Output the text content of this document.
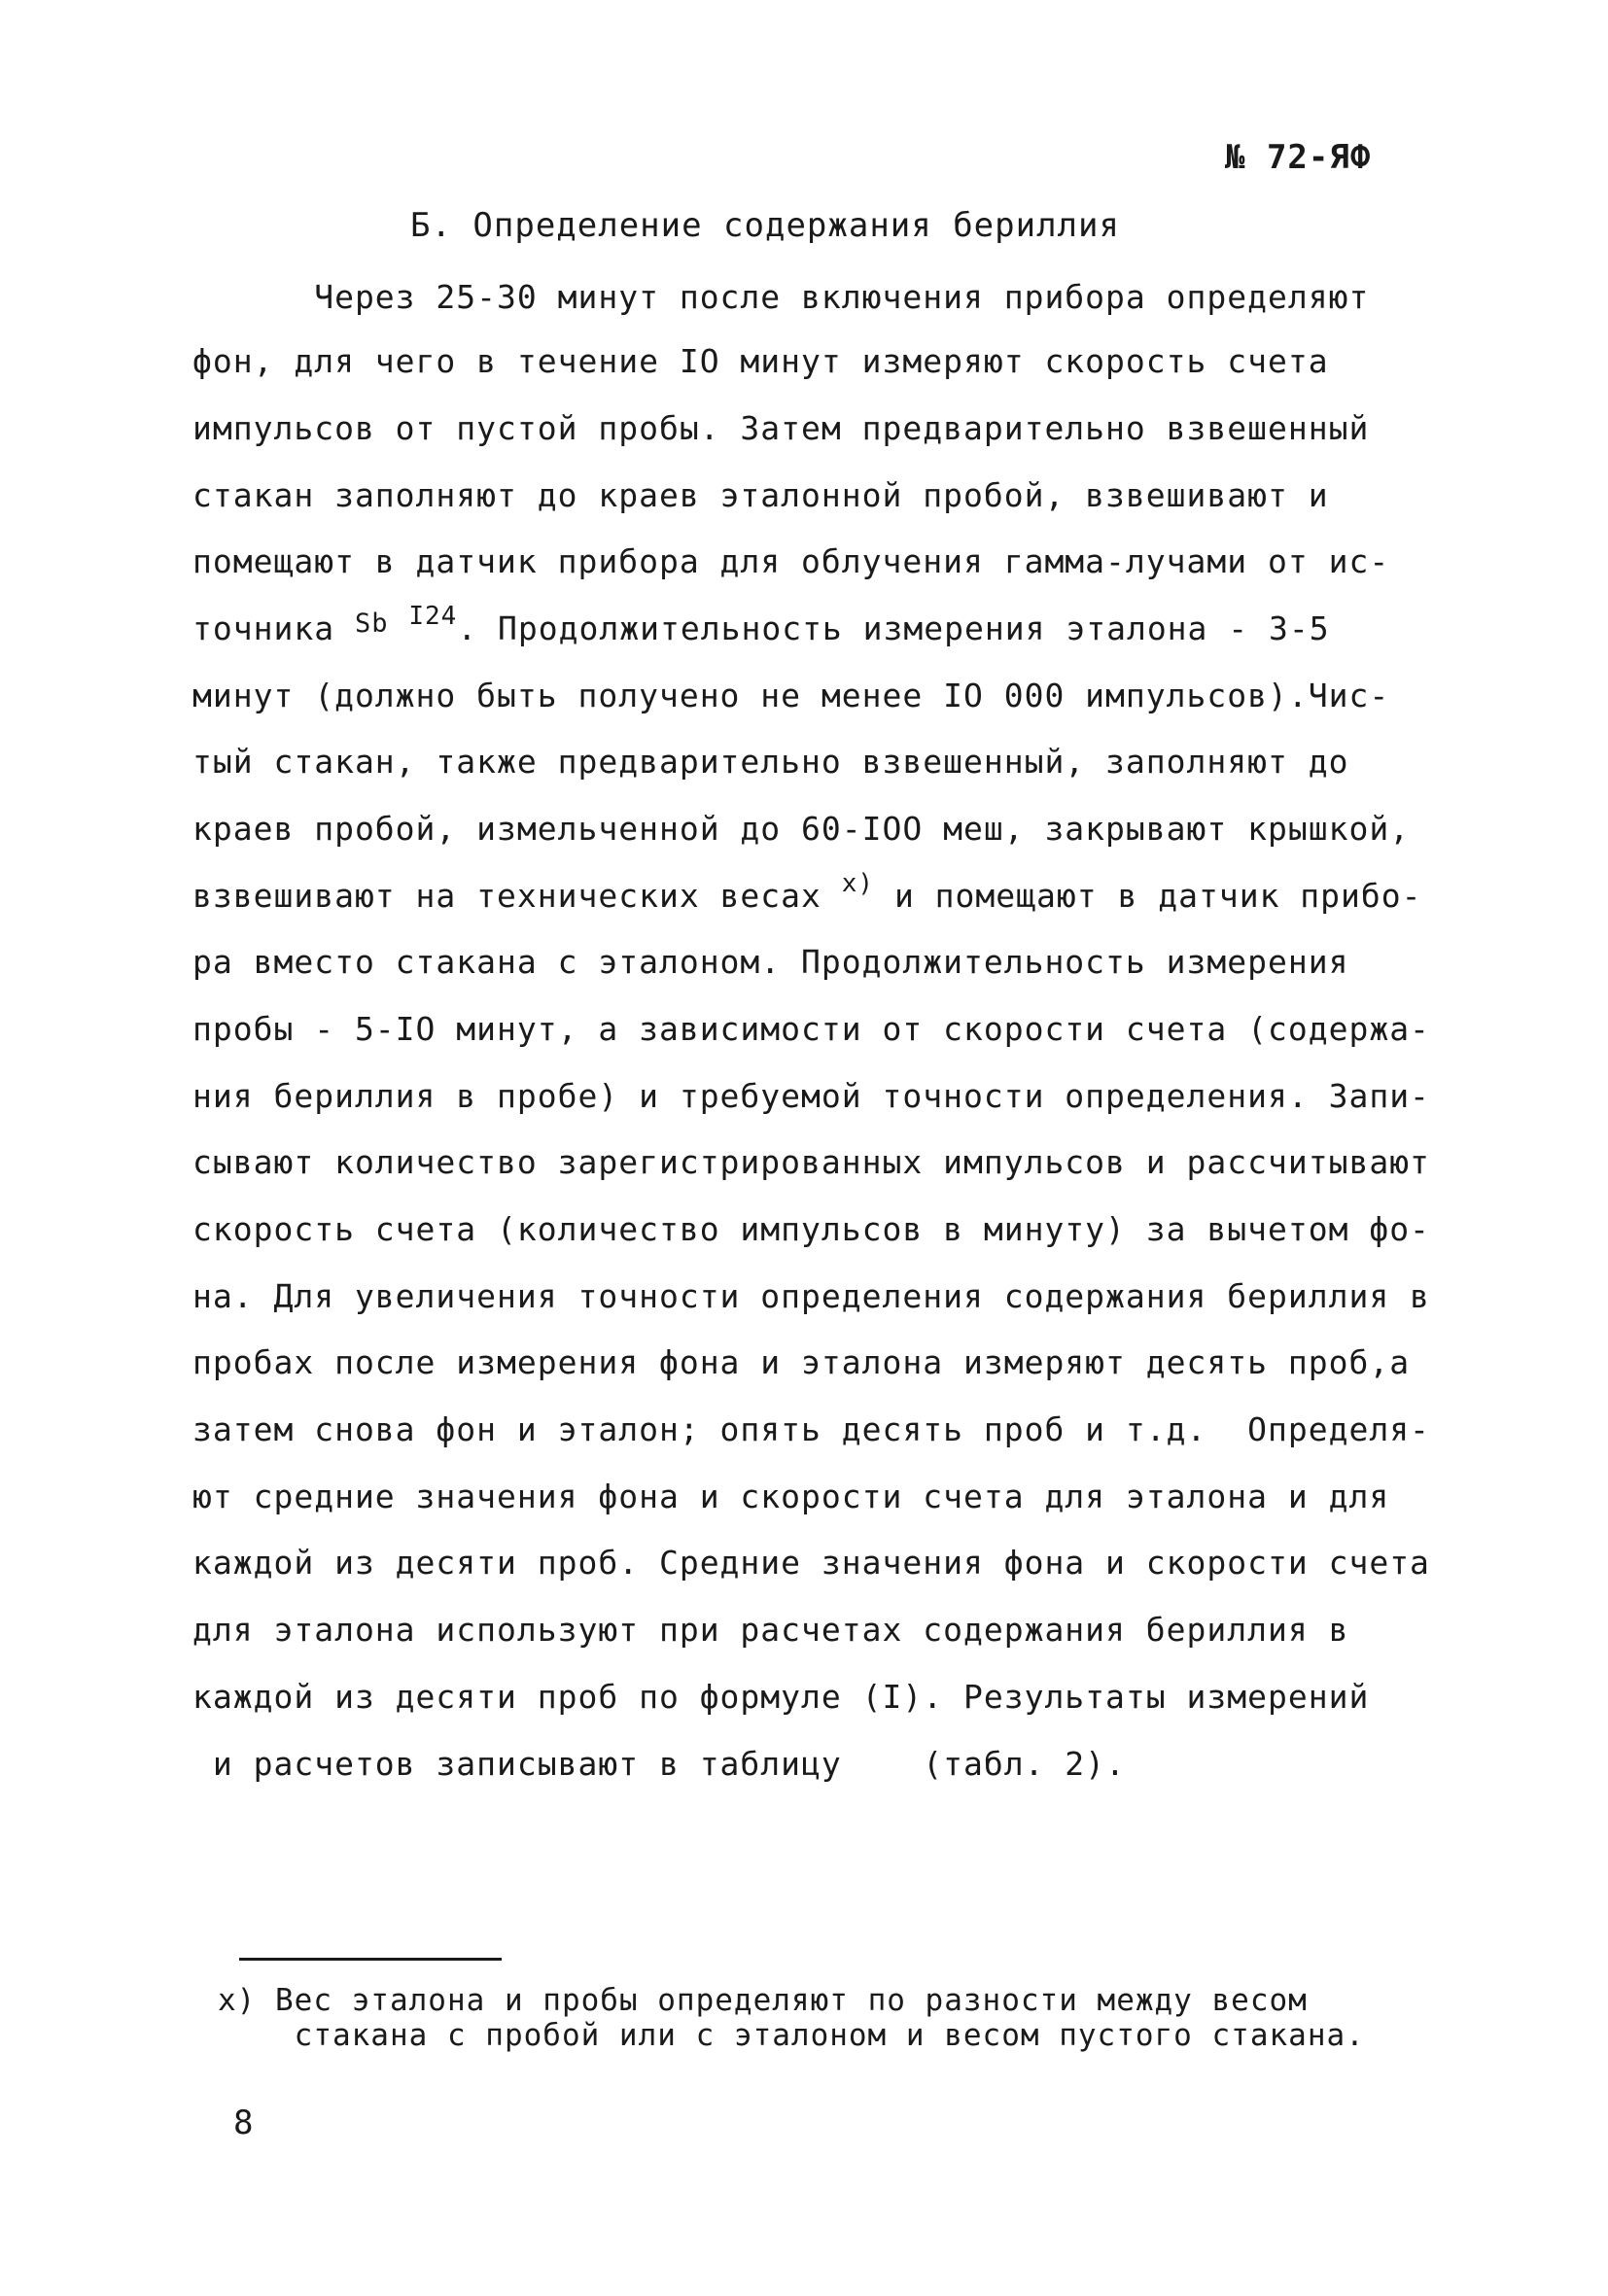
№ 72-ЯФ
Б. Определение содержания бериллия
Через 25-30 минут после включения прибора определяют
фон, для чего в течение IO минут измеряют скорость счета
импульсов от пустой пробы. Затем предварительно взвешенный
стакан заполняют до краев эталонной пробой, взвешивают и
помещают в датчик прибора для облучения гамма-лучами от ис-
точника $^{Sb}$ $^{I24}$. Продолжительность измерения эталона - 3-5
минут (должно быть получено не менее IO 000 импульсов).Чис-
тый стакан, также предварительно взвешенный, заполняют до
краев пробой, измельченной до 60-IOO меш, закрывают крышкой,
взвешивают на технических весах $^{x)}$ и помещают в датчик прибо-
ра вместо стакана с эталоном. Продолжительность измерения
пробы - 5-IO минут, а зависимости от скорости счета (содержа-
ния бериллия в пробе) и требуемой точности определения. Запи-
сывают количество зарегистрированных импульсов и рассчитывают
скорость счета (количество импульсов в минуту) за вычетом фо-
на. Для увеличения точности определения содержания бериллия в
пробах после измерения фона и эталона измеряют десять проб,а
затем снова фон и эталон; опять десять проб и т.д.  Определя-
ют средние значения фона и скорости счета для эталона и для
каждой из десяти проб. Средние значения фона и скорости счета
для эталона используют при расчетах содержания бериллия в
каждой из десяти проб по формуле (I). Результаты измерений
и расчетов записывают в таблицу    (табл. 2).
x) Вес эталона и пробы определяют по разности между весом
стакана с пробой или с эталоном и весом пустого стакана.
8
